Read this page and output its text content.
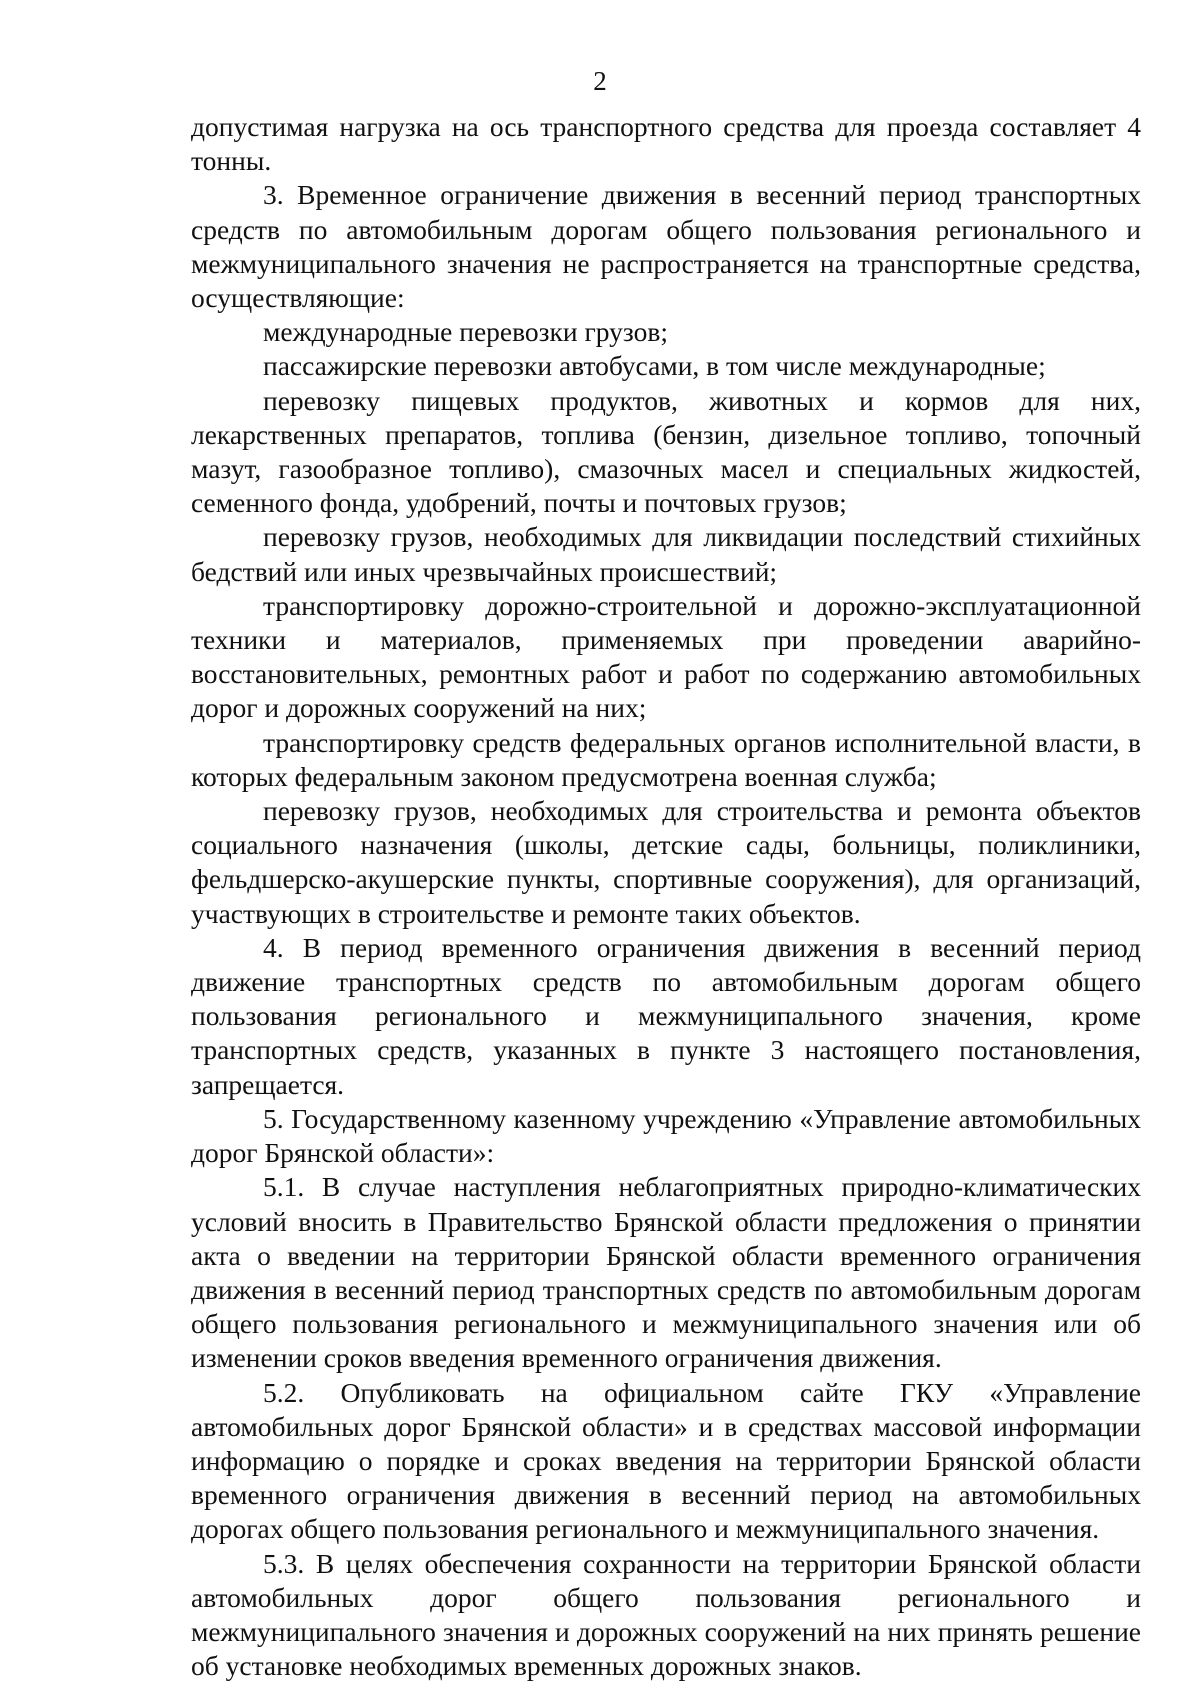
2

допустимая нагрузка на ось транспортного средства для проезда составляет 4 тонны.

3. Временное ограничение движения в весенний период транспортных средств по автомобильным дорогам общего пользования регионального и межмуниципального значения не распространяется на транспортные средства, осуществляющие:

международные перевозки грузов;

пассажирские перевозки автобусами, в том числе международные;

перевозку пищевых продуктов, животных и кормов для них, лекарственных препаратов, топлива (бензин, дизельное топливо, топочный мазут, газообразное топливо), смазочных масел и специальных жидкостей, семенного фонда, удобрений, почты и почтовых грузов;

перевозку грузов, необходимых для ликвидации последствий стихийных бедствий или иных чрезвычайных происшествий;

транспортировку дорожно-строительной и дорожно-эксплуатационной техники и материалов, применяемых при проведении аварийно-восстановительных, ремонтных работ и работ по содержанию автомобильных дорог и дорожных сооружений на них;

транспортировку средств федеральных органов исполнительной власти, в которых федеральным законом предусмотрена военная служба;

перевозку грузов, необходимых для строительства и ремонта объектов социального назначения (школы, детские сады, больницы, поликлиники, фельдшерско-акушерские пункты, спортивные сооружения), для организаций, участвующих в строительстве и ремонте таких объектов.

4. В период временного ограничения движения в весенний период движение транспортных средств по автомобильным дорогам общего пользования регионального и межмуниципального значения, кроме транспортных средств, указанных в пункте 3 настоящего постановления, запрещается.

5. Государственному казенному учреждению «Управление автомобильных дорог Брянской области»:

5.1. В случае наступления неблагоприятных природно-климатических условий вносить в Правительство Брянской области предложения о принятии акта о введении на территории Брянской области временного ограничения движения в весенний период транспортных средств по автомобильным дорогам общего пользования регионального и межмуниципального значения или об изменении сроков введения временного ограничения движения.

5.2. Опубликовать на официальном сайте ГКУ «Управление автомобильных дорог Брянской области» и в средствах массовой информации информацию о порядке и сроках введения на территории Брянской области временного ограничения движения в весенний период на автомобильных дорогах общего пользования регионального и межмуниципального значения.

5.3. В целях обеспечения сохранности на территории Брянской области автомобильных дорог общего пользования регионального и межмуниципального значения и дорожных сооружений на них принять решение об установке необходимых временных дорожных знаков.
